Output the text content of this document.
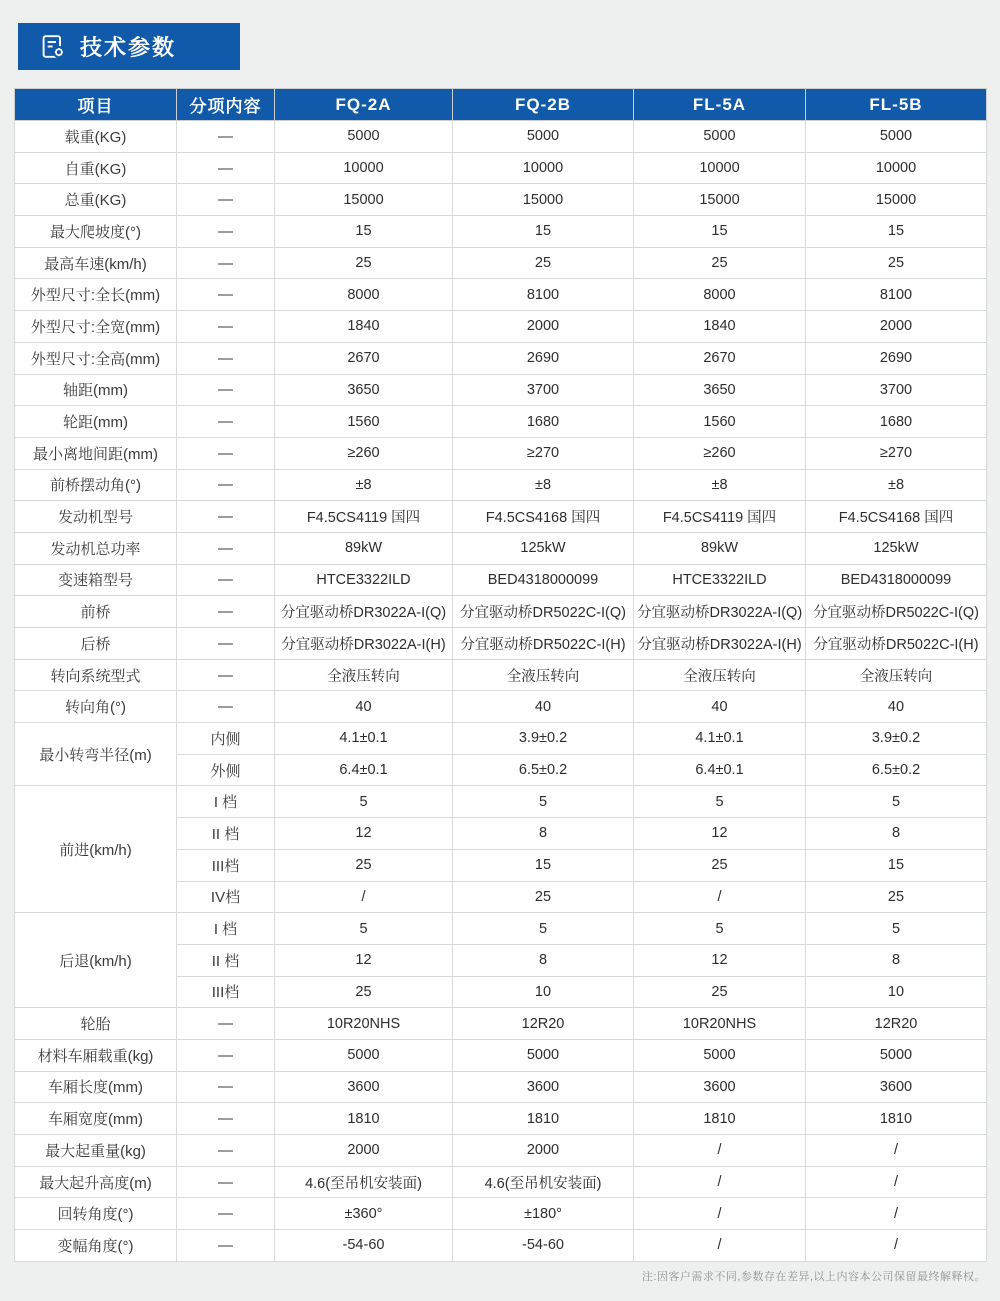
技术参数
项目	分项内容	FQ-2A	FQ-2B	FL-5A	FL-5B
载重(KG)	—	5000	5000	5000	5000
自重(KG)	—	10000	10000	10000	10000
总重(KG)	—	15000	15000	15000	15000
最大爬坡度(°)	—	15	15	15	15
最高车速(km/h)	—	25	25	25	25
外型尺寸:全长(mm)	—	8000	8100	8000	8100
外型尺寸:全宽(mm)	—	1840	2000	1840	2000
外型尺寸:全高(mm)	—	2670	2690	2670	2690
轴距(mm)	—	3650	3700	3650	3700
轮距(mm)	—	1560	1680	1560	1680
最小离地间距(mm)	—	≥260	≥270	≥260	≥270
前桥摆动角(°)	—	±8	±8	±8	±8
发动机型号	—	F4.5CS4119 国四	F4.5CS4168 国四	F4.5CS4119 国四	F4.5CS4168 国四
发动机总功率	—	89kW	125kW	89kW	125kW
变速箱型号	—	HTCE3322ILD	BED4318000099	HTCE3322ILD	BED4318000099
前桥	—	分宜驱动桥DR3022A-I(Q)	分宜驱动桥DR5022C-I(Q)	分宜驱动桥DR3022A-I(Q)	分宜驱动桥DR5022C-I(Q)
后桥	—	分宜驱动桥DR3022A-I(H)	分宜驱动桥DR5022C-I(H)	分宜驱动桥DR3022A-I(H)	分宜驱动桥DR5022C-I(H)
转向系统型式	—	全液压转向	全液压转向	全液压转向	全液压转向
转向角(°)	—	40	40	40	40
最小转弯半径(m)	内侧	4.1±0.1	3.9±0.2	4.1±0.1	3.9±0.2
	外侧	6.4±0.1	6.5±0.2	6.4±0.1	6.5±0.2
前进(km/h)	I 档	5	5	5	5
	II 档	12	8	12	8
	III档	25	15	25	15
	IV档	/	25	/	25
后退(km/h)	I 档	5	5	5	5
	II 档	12	8	12	8
	III档	25	10	25	10
轮胎	—	10R20NHS	12R20	10R20NHS	12R20
材料车厢载重(kg)	—	5000	5000	5000	5000
车厢长度(mm)	—	3600	3600	3600	3600
车厢宽度(mm)	—	1810	1810	1810	1810
最大起重量(kg)	—	2000	2000	/	/
最大起升高度(m)	—	4.6(至吊机安装面)	4.6(至吊机安装面)	/	/
回转角度(°)	—	±360°	±180°	/	/
变幅角度(°)	—	-54-60	-54-60	/	/
注:因客户需求不同,参数存在差异,以上内容本公司保留最终解释权。
